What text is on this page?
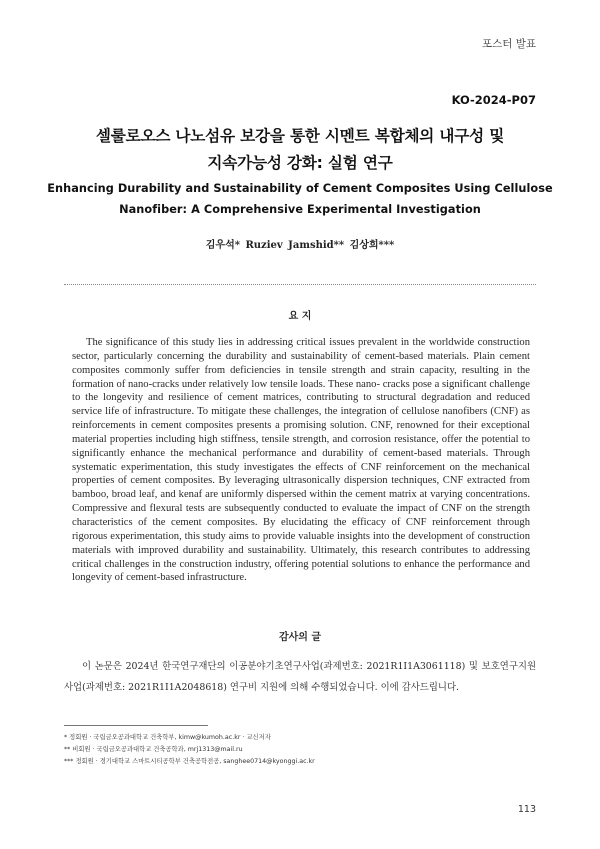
포스터 발표
KO-2024-P07
셀룰로오스 나노섬유 보강을 통한 시멘트 복합체의 내구성 및
지속가능성 강화: 실험 연구
Enhancing Durability and Sustainability of Cement Composites Using Cellulose
Nanofiber: A Comprehensive Experimental Investigation
김우석* Ruziev Jamshid** 김상희***
요 지
The significance of this study lies in addressing critical issues prevalent in the worldwide construction sector, particularly concerning the durability and sustainability of cement-based materials. Plain cement composites commonly suffer from deficiencies in tensile strength and strain capacity, resulting in the formation of nano-cracks under relatively low tensile loads. These nano- cracks pose a significant challenge to the longevity and resilience of cement matrices, contributing to structural degradation and reduced service life of infrastructure. To mitigate these challenges, the integration of cellulose nanofibers (CNF) as reinforcements in cement composites presents a promising solution. CNF, renowned for their exceptional material properties including high stiffness, tensile strength, and corrosion resistance, offer the potential to significantly enhance the mechanical performance and durability of cement-based materials. Through systematic experimentation, this study investigates the effects of CNF reinforcement on the mechanical properties of cement composites. By leveraging ultrasonically dispersion techniques, CNF extracted from bamboo, broad leaf, and kenaf are uniformly dispersed within the cement matrix at varying concentrations. Compressive and flexural tests are subsequently conducted to evaluate the impact of CNF on the strength characteristics of the cement composites. By elucidating the efficacy of CNF reinforcement through rigorous experimentation, this study aims to provide valuable insights into the development of construction materials with improved durability and sustainability. Ultimately, this research contributes to addressing critical challenges in the construction industry, offering potential solutions to enhance the performance and longevity of cement-based infrastructure.
감사의 글
이 논문은 2024년 한국연구재단의 이공분야기초연구사업(과제번호: 2021R1I1A3061118) 및 보호연구지원사업(과제번호: 2021R1I1A2048618) 연구비 지원에 의해 수행되었습니다. 이에 감사드립니다.
* 정회원 · 국립금오공과대학교 건축학부, kimw@kumoh.ac.kr · 교신저자
** 비회원 · 국립금오공과대학교 건축공학과, mrj1313@mail.ru
*** 정회원 · 경기대학교 스마트시티공학부 건축공학전공, sanghee0714@kyonggi.ac.kr
113
